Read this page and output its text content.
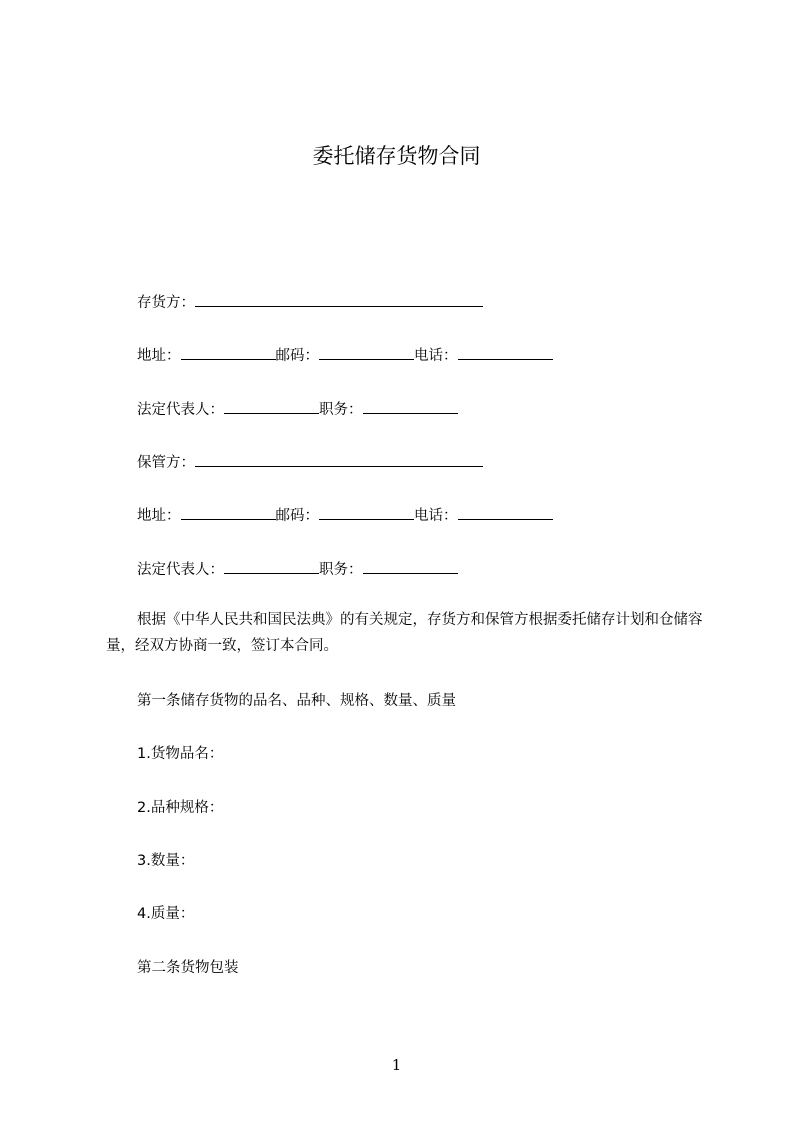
委托储存货物合同
存货方：
地址：	邮码：	电话：
法定代表人：	职务：
保管方：
地址：	邮码：	电话：
法定代表人：	职务：
根据《中华人民共和国民法典》的有关规定，存货方和保管方根据委托储存计划和仓储容量，经双方协商一致，签订本合同。
第一条储存货物的品名、品种、规格、数量、质量
1.货物品名：
2.品种规格：
3.数量：
4.质量：
第二条货物包装
1
